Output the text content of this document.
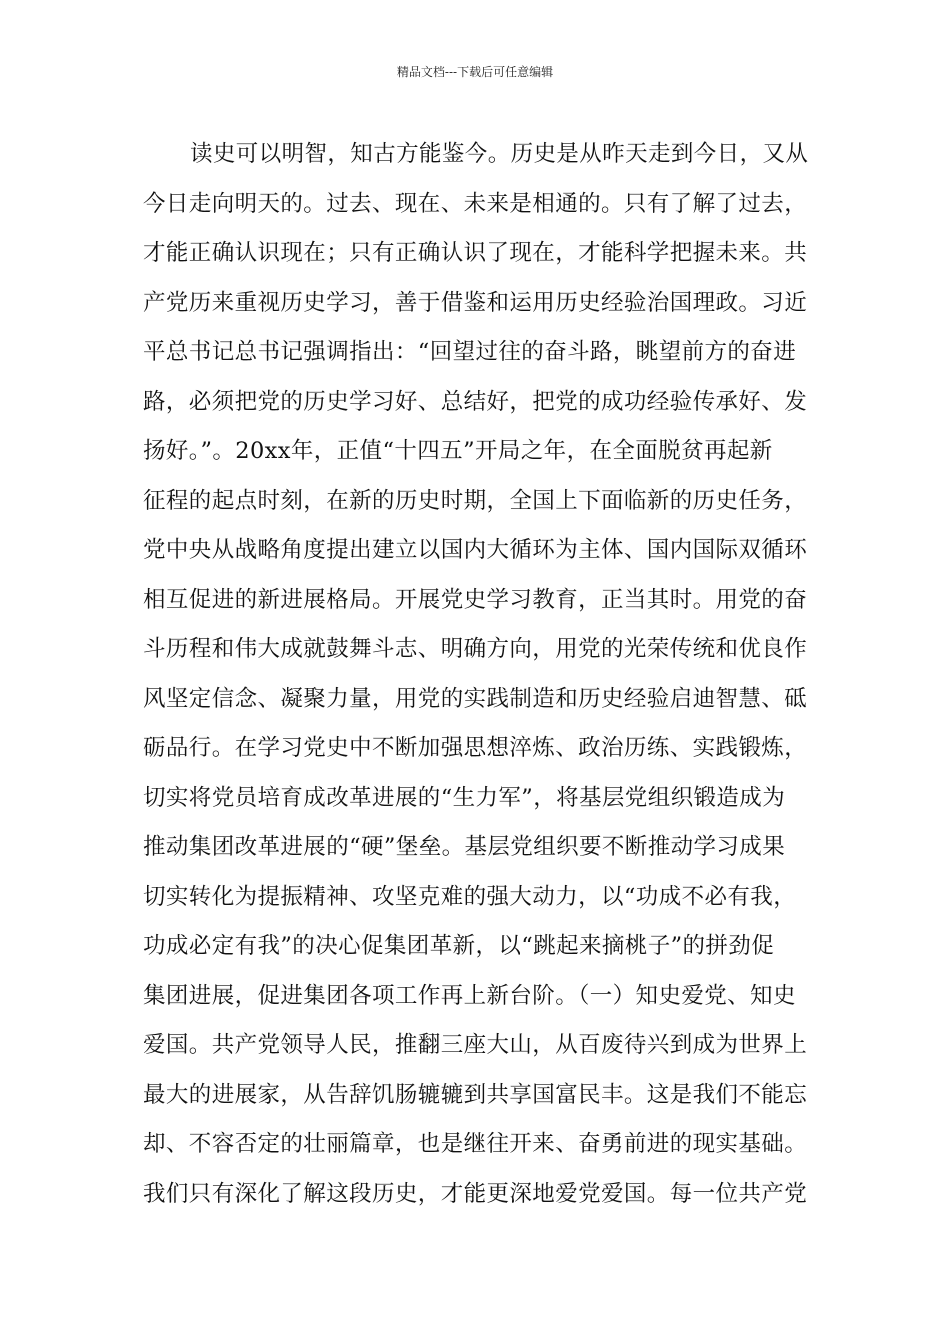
精品文档---下载后可任意编辑
读史可以明智，知古方能鉴今。历史是从昨天走到今日，又从
今日走向明天的。过去、现在、未来是相通的。只有了解了过去，
才能正确认识现在；只有正确认识了现在，才能科学把握未来。共
产党历来重视历史学习，善于借鉴和运用历史经验治国理政。习近
平总书记总书记强调指出：“回望过往的奋斗路，眺望前方的奋进
路，必须把党的历史学习好、总结好，把党的成功经验传承好、发
扬好。”。20xx年，正值“十四五”开局之年，在全面脱贫再起新
征程的起点时刻，在新的历史时期，全国上下面临新的历史任务，
党中央从战略角度提出建立以国内大循环为主体、国内国际双循环
相互促进的新进展格局。开展党史学习教育，正当其时。用党的奋
斗历程和伟大成就鼓舞斗志、明确方向，用党的光荣传统和优良作
风坚定信念、凝聚力量，用党的实践制造和历史经验启迪智慧、砥
砺品行。在学习党史中不断加强思想淬炼、政治历练、实践锻炼，
切实将党员培育成改革进展的“生力军”，将基层党组织锻造成为
推动集团改革进展的“硬”堡垒。基层党组织要不断推动学习成果
切实转化为提振精神、攻坚克难的强大动力，以“功成不必有我，
功成必定有我”的决心促集团革新，以“跳起来摘桃子”的拼劲促
集团进展，促进集团各项工作再上新台阶。（一）知史爱党、知史
爱国。共产党领导人民，推翻三座大山，从百废待兴到成为世界上
最大的进展家，从告辞饥肠辘辘到共享国富民丰。这是我们不能忘
却、不容否定的壮丽篇章，也是继往开来、奋勇前进的现实基础。
我们只有深化了解这段历史，才能更深地爱党爱国。每一位共产党
